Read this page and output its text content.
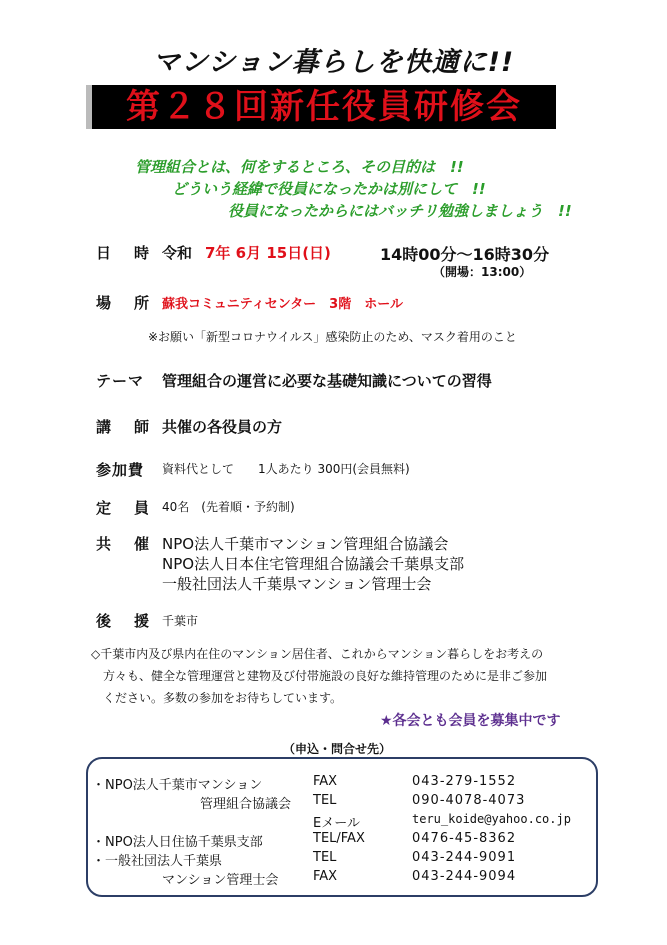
マンション暮らしを快適に!!
第２８回新任役員研修会
管理組合とは、何をするところ、その目的は　!!
どういう経緯で役員になったかは別にして　!!
役員になったからにはバッチリ勉強しましょう　!!
日　時 令和 7年 6月 15日(日)	14時00分～16時30分
（開場：13:00）
場　所 蘇我コミュニティセンター　3階　ホール
※お願い「新型コロナウイルス」感染防止のため、マスク着用のこと
テーマ 管理組合の運営に必要な基礎知識についての習得
講　師 共催の各役員の方
参加費 資料代として　　1人あたり 300円(会員無料)
定　員 40名　(先着順・予約制)
共　催 NPO法人千葉市マンション管理組合協議会
NPO法人日本住宅管理組合協議会千葉県支部
一般社団法人千葉県マンション管理士会
後　援 千葉市
◇千葉市内及び県内在住のマンション居住者、これからマンション暮らしをお考えの
方々も、健全な管理運営と建物及び付帯施設の良好な維持管理のために是非ご参加
ください。多数の参加をお待ちしています。
★各会とも会員を募集中です
（申込・問合せ先）
・NPO法人千葉市マンション	FAX	043-279-1552
管理組合協議会 TEL	090-4078-4073
Eメール	teru_koide@yahoo.co.jp
・NPO法人日住協千葉県支部	TEL/FAX	0476-45-8362
・一般社団法人千葉県	TEL	043-244-9091
マンション管理士会	FAX	043-244-9094
